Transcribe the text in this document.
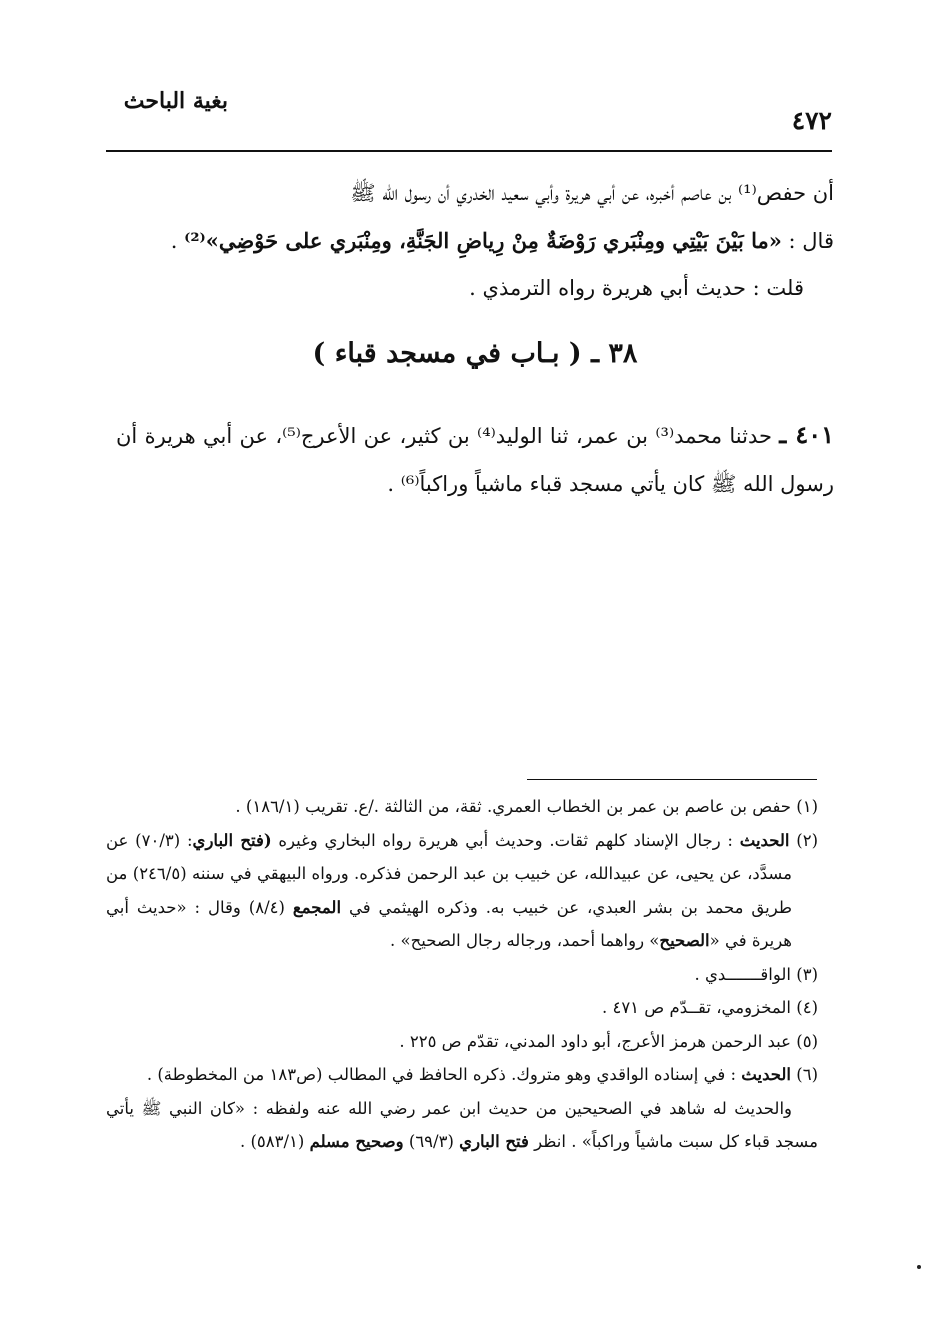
بغية الباحث
٤٧٢

أن حفص⁽¹⁾ بن عاصم أخبره، عن أبي هريرة وأبي سعيد الخدري أن رسول الله ﷺ

قال : «ما بَيْنَ بَيْتِي ومِنْبَري رَوْضَةٌ مِنْ رِياضِ الجَنَّةِ، ومِنْبَري على حَوْضِي»⁽²⁾ .

قلت : حديث أبي هريرة رواه الترمذي .

٣٨ ـ ( بـاب في مسجد قباء )

٤٠١ ـ حدثنا محمد⁽³⁾ بن عمر، ثنا الوليد⁽⁴⁾ بن كثير، عن الأعرج⁽⁵⁾، عن أبي هريرة أن رسول الله ﷺ كان يأتي مسجد قباء ماشياً وراكباً⁽⁶⁾ .

(١) حفص بن عاصم بن عمر بن الخطاب العمري. ثقة، من الثالثة ./ع. تقريب (١٨٦/١) .

(٢) الحديث : رجال الإسناد كلهم ثقات. وحديث أبي هريرة رواه البخاري وغيره (فتح الباري: (٧٠/٣) عن مسدَّد، عن يحيى، عن عبيدالله، عن خبيب بن عبد الرحمن فذكره. ورواه البيهقي في سننه (٢٤٦/٥) من طريق محمد بن بشر العبدي، عن خبيب به. وذكره الهيثمي في المجمع (٨/٤) وقال : «حديث أبي هريرة في «الصحيح» رواهما أحمد، ورجاله رجال الصحيح» .

(٣) الواقـــــــدي .

(٤) المخزومي، تقــدّم ص ٤٧١ .

(٥) عبد الرحمن هرمز الأعرج، أبو داود المدني، تقدّم ص ٢٢٥ .

(٦) الحديث : في إسناده الواقدي وهو متروك. ذكره الحافظ في المطالب (ص١٨٣ من المخطوطة) .

والحديث له شاهد في الصحيحين من حديث ابن عمر رضي الله عنه ولفظه : «كان النبي ﷺ يأتي مسجد قباء كل سبت ماشياً وراكباً» . انظر فتح الباري (٦٩/٣) وصحيح مسلم (٥٨٣/١) .
